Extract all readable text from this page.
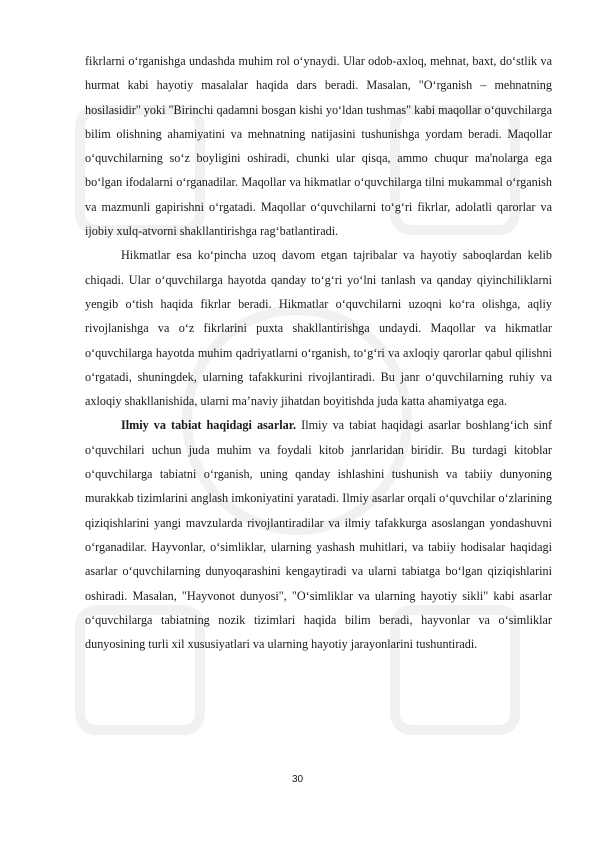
fikrlarni o‘rganishga undashda muhim rol o‘ynaydi. Ular odob-axloq, mehnat, baxt, do‘stlik va hurmat kabi hayotiy masalalar haqida dars beradi. Masalan, "O‘rganish – mehnatning hosilasidir" yoki "Birinchi qadamni bosgan kishi yo‘ldan tushmas" kabi maqollar o‘quvchilarga bilim olishning ahamiyatini va mehnatning natijasini tushunishga yordam beradi. Maqollar o‘quvchilarning so‘z boyligini oshiradi, chunki ular qisqa, ammo chuqur ma'nolarga ega bo‘lgan ifodalarni o‘rganadilar. Maqollar va hikmatlar o‘quvchilarga tilni mukammal o‘rganish va mazmunli gapirishni o‘rgatadi. Maqollar o‘quvchilarni to‘g‘ri fikrlar, adolatli qarorlar va ijobiy xulq-atvorni shakllantirishga rag‘batlantiradi.

Hikmatlar esa ko‘pincha uzoq davom etgan tajribalar va hayotiy saboqlardan kelib chiqadi. Ular o‘quvchilarga hayotda qanday to‘g‘ri yo‘lni tanlash va qanday qiyinchiliklarni yengib o‘tish haqida fikrlar beradi. Hikmatlar o‘quvchilarni uzoqni ko‘ra olishga, aqliy rivojlanishga va o‘z fikrlarini puxta shakllantirishga undaydi. Maqollar va hikmatlar o‘quvchilarga hayotda muhim qadriyatlarni o‘rganish, to‘g‘ri va axloqiy qarorlar qabul qilishni o‘rgatadi, shuningdek, ularning tafakkurini rivojlantiradi. Bu janr o‘quvchilarning ruhiy va axloqiy shakllanishida, ularni ma’naviy jihatdan boyitishda juda katta ahamiyatga ega.

Ilmiy va tabiat haqidagi asarlar. Ilmiy va tabiat haqidagi asarlar boshlang‘ich sinf o‘quvchilari uchun juda muhim va foydali kitob janrlaridan biridir. Bu turdagi kitoblar o‘quvchilarga tabiatni o‘rganish, uning qanday ishlashini tushunish va tabiiy dunyoning murakkab tizimlarini anglash imkoniyatini yaratadi. Ilmiy asarlar orqali o‘quvchilar o‘zlarining qiziqishlarini yangi mavzularda rivojlantiradilar va ilmiy tafakkurga asoslangan yondashuvni o‘rganadilar. Hayvonlar, o‘simliklar, ularning yashash muhitlari, va tabiiy hodisalar haqidagi asarlar o‘quvchilarning dunyoqarashini kengaytiradi va ularni tabiatga bo‘lgan qiziqishlarini oshiradi. Masalan, "Hayvonot dunyosi", "O‘simliklar va ularning hayotiy sikli" kabi asarlar o‘quvchilarga tabiatning nozik tizimlari haqida bilim beradi, hayvonlar va o‘simliklar dunyosining turli xil xususiyatlari va ularning hayotiy jarayonlarini tushuntiradi.

30
